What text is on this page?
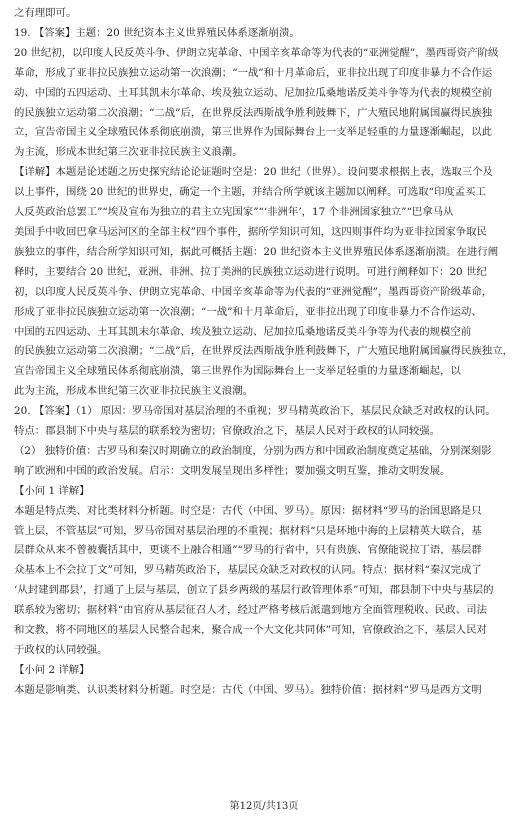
之有理即可。
19. 【答案】主题：20 世纪资本主义世界殖民体系逐渐崩溃。
20 世纪初，以印度人民反英斗争、伊朗立宪革命、中国辛亥革命等为代表的“亚洲觉醒”，墨西哥资产阶级
革命，形成了亚非拉民族独立运动第一次浪潮；“一战”和十月革命后，亚非拉出现了印度非暴力不合作运
动、中国的五四运动、土耳其凯末尔革命、埃及独立运动、尼加拉瓜桑地诺反美斗争等为代表的规模空前
的民族独立运动第二次浪潮；“二战”后，在世界反法西斯战争胜利鼓舞下，广大殖民地附属国赢得民族独
立，宣告帝国主义全球殖民体系彻底崩溃，第三世界作为国际舞台上一支举足轻重的力量逐渐崛起，以此
为主流，形成本世纪第三次亚非拉民族主义浪潮。
【详解】本题是论述题之历史探究结论论证题时空是：20 世纪（世界）。设问要求根据上表，选取三个及
以上事件，围绕 20 世纪的世界史，确定一个主题，并结合所学就该主题加以阐释。可选取“印度孟买工
人反英政治总罢工”“埃及宣布为独立的君主立宪国家”“‘非洲年’，17 个非洲国家独立”“巴拿马从
美国手中收回巴拿马运河区的全部主权”四个事件，据所学知识可知，这四则事件均为亚非拉国家争取民
族独立的事件，结合所学知识可知，据此可概括主题：20 世纪资本主义世界殖民体系逐渐崩溃。在进行阐
释时，主要结合 20 世纪，亚洲、非洲、拉丁美洲的民族独立运动进行说明。可进行阐释如下：20 世纪
初，以印度人民反英斗争、伊朗立宪革命、中国辛亥革命等为代表的“亚洲觉醒”，墨西哥资产阶级革命，
形成了亚非拉民族独立运动第一次浪潮；“一战”和十月革命后，亚非拉出现了印度非暴力不合作运动、
中国的五四运动、土耳其凯末尔革命、埃及独立运动、尼加拉瓜桑地诺反美斗争等为代表的规模空前
的民族独立运动第二次浪潮；“二战”后，在世界反法西斯战争胜利鼓舞下，广大殖民地附属国赢得民族独立，
宣告帝国主义全球殖民体系彻底崩溃，第三世界作为国际舞台上一支举足轻重的力量逐渐崛起，以
此为主流，形成本世纪第三次亚非拉民族主义浪潮。
20. 【答案】（1） 原因：罗马帝国对基层治理的不重视；罗马精英政治下，基层民众缺乏对政权的认同。
特点：郡县制下中央与基层的联系较为密切；官僚政治之下，基层人民对于政权的认同较强。
（2） 独特价值：古罗马和秦汉时期确立的政治制度，分别为西方和中国政治制度奠定基础，分别深刻影
响了欧洲和中国的政治发展。启示：文明发展呈现出多样性；要加强文明互鉴，推动文明发展。
【小问 1 详解】
本题是特点类、对比类材料分析题。时空是：古代（中国、罗马）。原因：据材料“罗马的治国思路是只
管上层，不管基层”可知，罗马帝国对基层治理的不重视；据材料“只是环地中海的上层精英大联合，基
层群众从来不曾被囊括其中，更谈不上融合相通”“罗马的行省中，只有贵族、官僚能说拉丁语，基层群
众基本上不会拉丁文”可知，罗马精英政治下，基层民众缺乏对政权的认同。特点：据材料“秦汉完成了
‘从封建到郡县’，打通了上层与基层，创立了县乡两级的基层行政管理体系”可知，郡县制下中央与基层的
联系较为密切；据材料“由官府从基层征召人才，经过严格考核后派遣到地方全面管理税收、民政、司法
和文教，将不同地区的基层人民整合起来，聚合成一个大文化共同体”可知，官僚政治之下，基层人民对
于政权的认同较强。
【小问 2 详解】
本题是影响类、认识类材料分析题。时空是：古代（中国、罗马）。独特价值：据材料“罗马是西方文明
第12页/共13页
